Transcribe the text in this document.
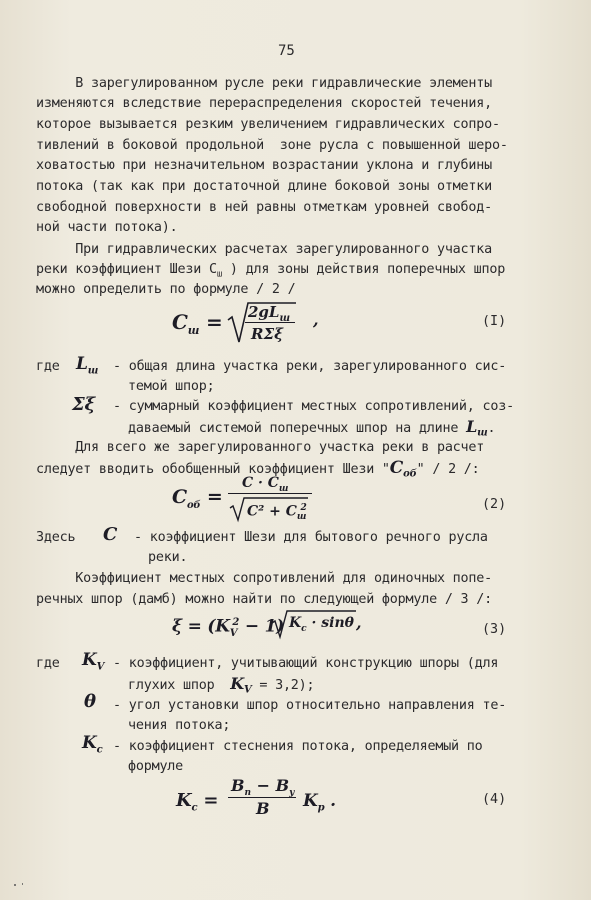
75
В зарегулированном русле реки гидравлические элементы
изменяются вследствие перераспределения скоростей течения,
которое вызывается резким увеличением гидравлических сопро-
тивлений в боковой продольной  зоне русла с повышенной шеро-
ховатостью при незначительном возрастании уклона и глубины
потока (так как при достаточной длине боковой зоны отметки
свободной поверхности в ней равны отметкам уровней свобод-
ной части потока).
При гидравлических расчетах зарегулированного участка
реки коэффициент Шези $С_ш$ ) для зоны действия поперечных шпор
можно определить по формуле / 2 /
$C_ш = 2gL_ш$
RΣξ
,	(I)
где $L_ш$ - общая длина участка реки, зарегулированного сис-
темой шпор;
Σξ - суммарный коэффициент местных сопротивлений, соз-
даваемый системой поперечных шпор на длине $L_ш$.
Для всего же зарегулированного участка реки в расчет
следует вводить обобщенный коэффициент Шези "$C_{об}$" / 2 /:
$C_{об}$ =
$C \cdot C_ш$
$C^2 + C_ш^2$	(2)
Здесь C - коэффициент Шези для бытового речного русла
реки.
Коэффициент местных сопротивлений для одиночных попе-
речных шпор (дамб) можно найти по следующей формуле / 3 /:
$\xi = (K_V^2 - 1) K_c \cdot \sin\theta$ ,	(3)
где $K_V$ - коэффициент, учитывающий конструкцию шпоры (для
глухих шпор $K_V = 3,2$);
θ - угол установки шпор относительно направления те-
чения потока;
$K_c$ - коэффициент стеснения потока, определяемый по
формуле
$K_c$ =
$B_n - B_y$
B $K_p$ .	(4)
